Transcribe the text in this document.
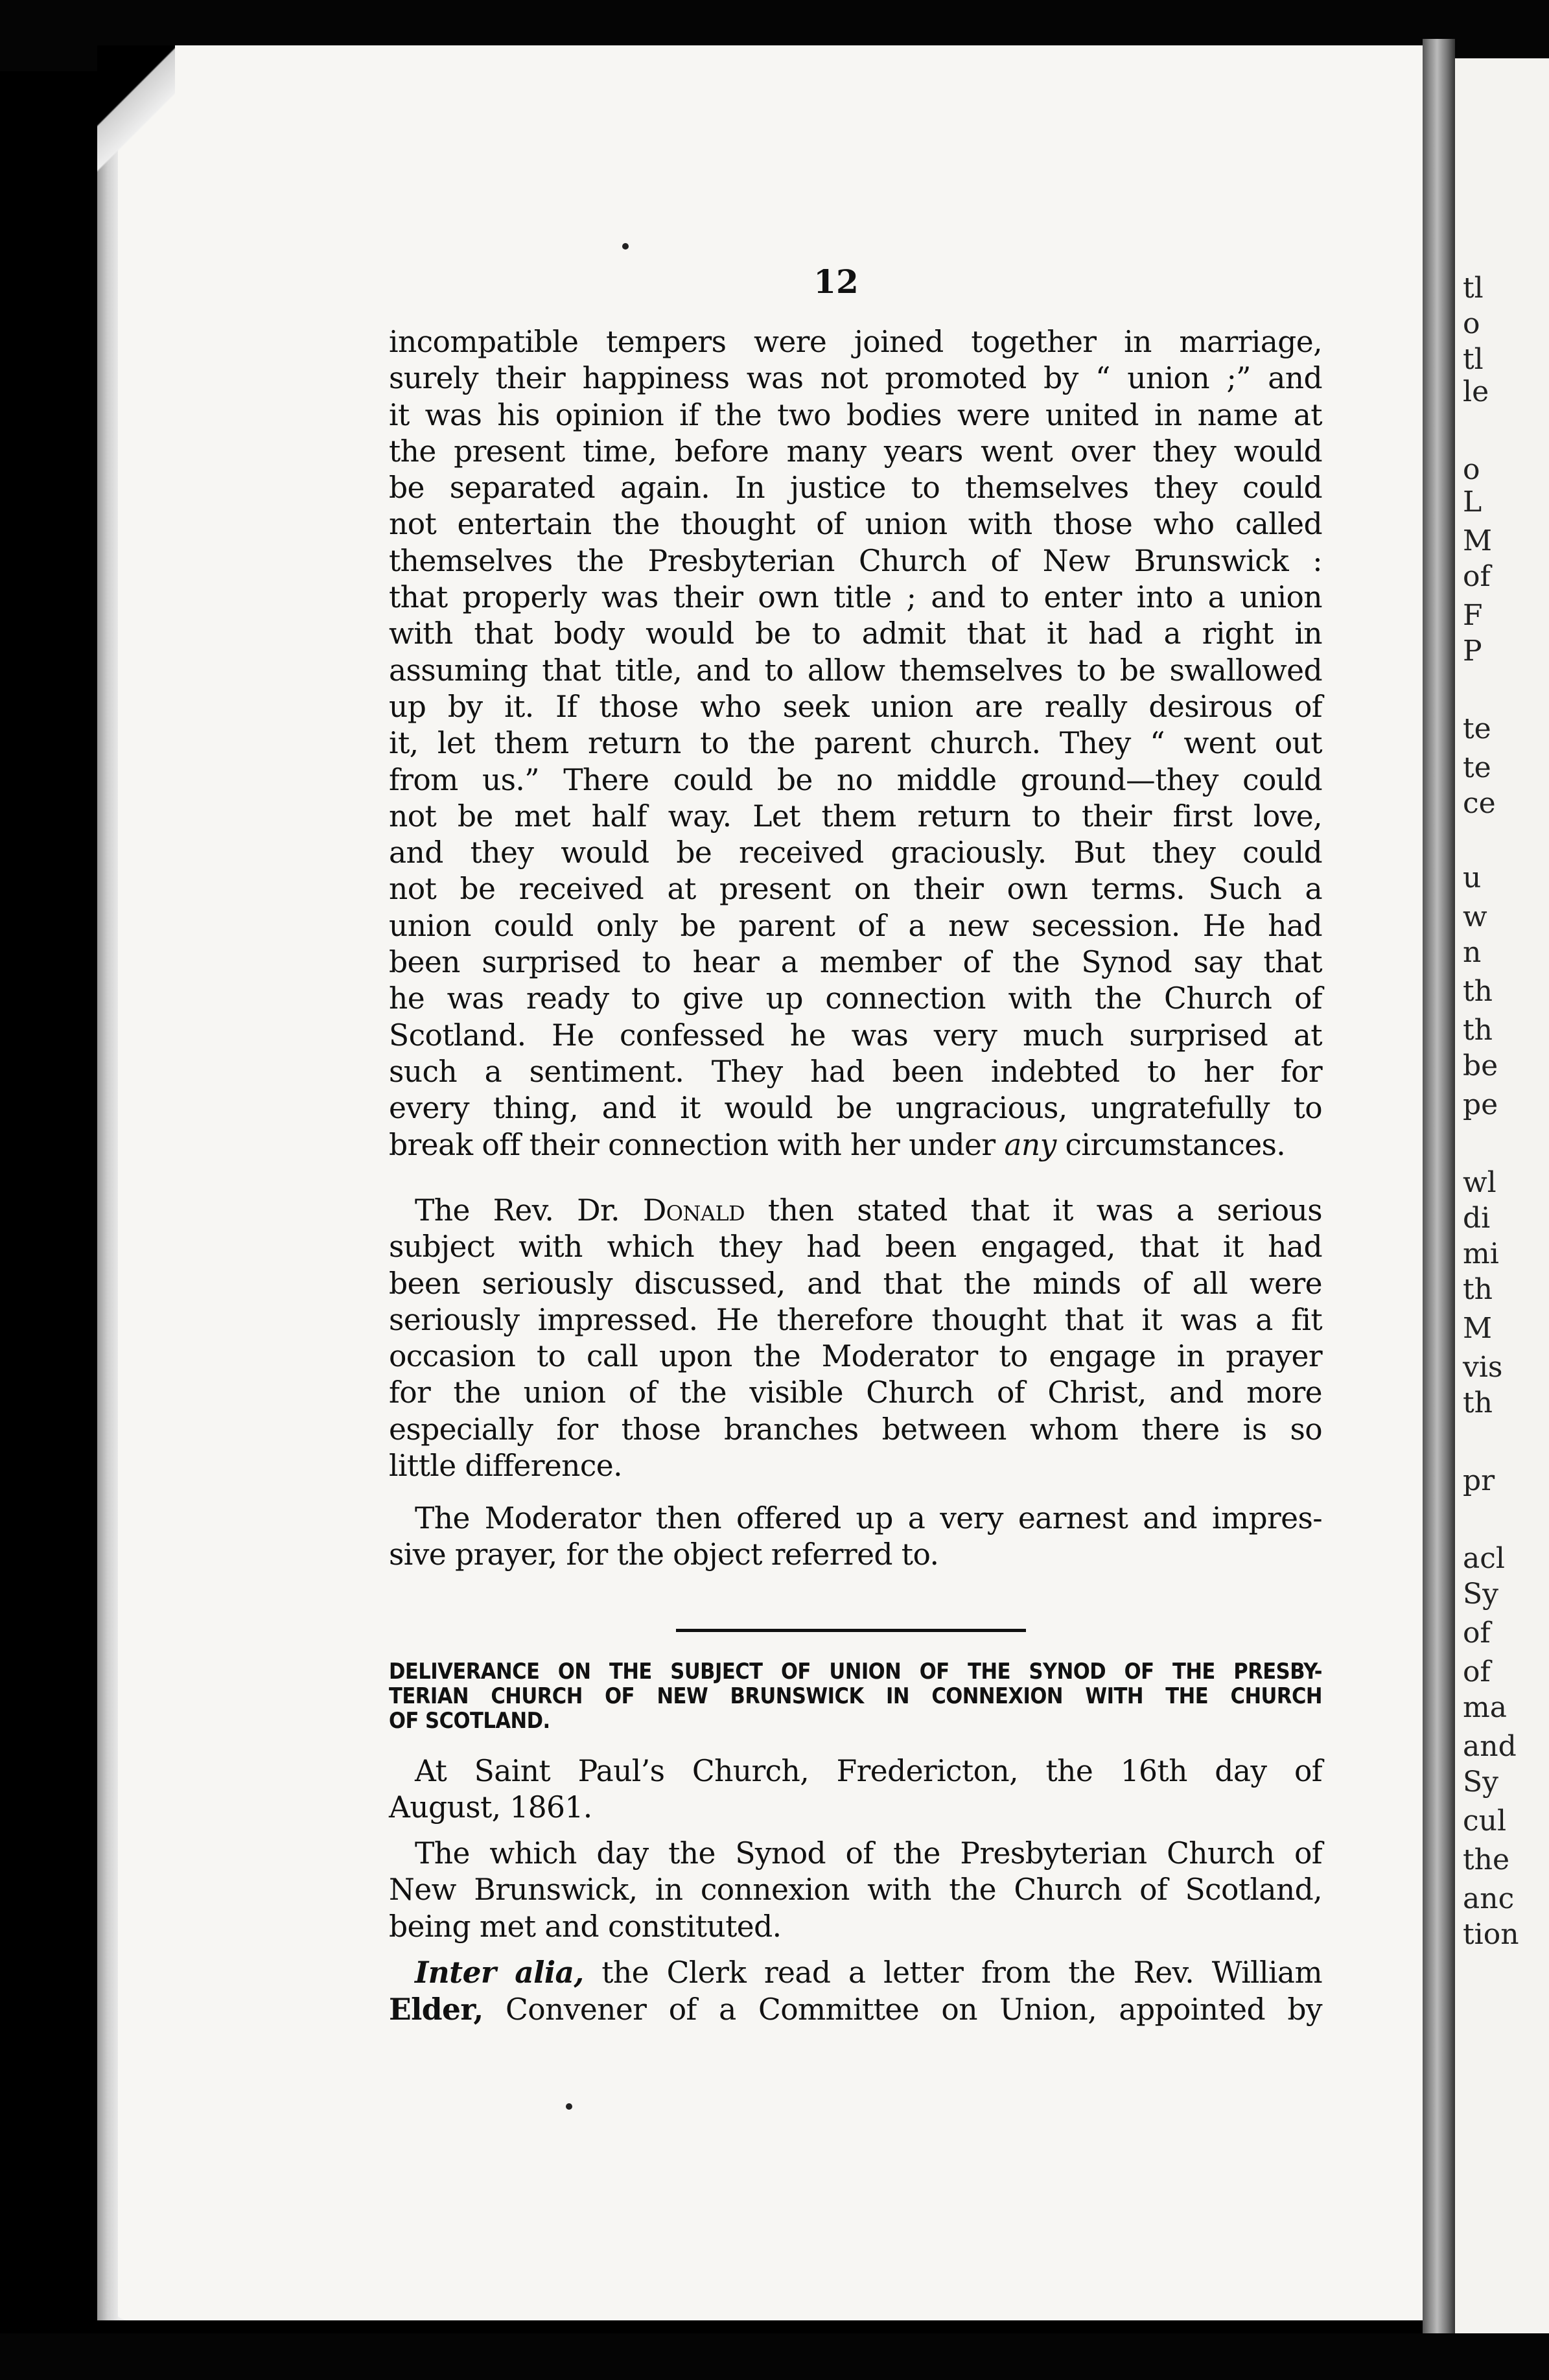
tl
o
tl
le
o
L
M
of
F
P
te
te
ce
u
w
n
th
th
be
pe
wl
di
mi
th
M
vis
th
pr
acl
Sy
of
of
ma
and
Sy
cul
the
anc
tion
12
incompatible tempers were joined together in marriage,
surely their happiness was not promoted by “ union ;” and
it was his opinion if the two bodies were united in name at
the present time, before many years went over they would
be separated again. In justice to themselves they could
not entertain the thought of union with those who called
themselves the Presbyterian Church of New Brunswick :
that properly was their own title ; and to enter into a union
with that body would be to admit that it had a right in
assuming that title, and to allow themselves to be swallowed
up by it. If those who seek union are really desirous of
it, let them return to the parent church. They “ went out
from us.” There could be no middle ground—they could
not be met half way. Let them return to their first love,
and they would be received graciously. But they could
not be received at present on their own terms. Such a
union could only be parent of a new secession. He had
been surprised to hear a member of the Synod say that
he was ready to give up connection with the Church of
Scotland. He confessed he was very much surprised at
such a sentiment. They had been indebted to her for
every thing, and it would be ungracious, ungratefully to
break off their connection with her under any circumstances.
The Rev. Dr. Donald then stated that it was a serious
subject with which they had been engaged, that it had
been seriously discussed, and that the minds of all were
seriously impressed. He therefore thought that it was a fit
occasion to call upon the Moderator to engage in prayer
for the union of the visible Church of Christ, and more
especially for those branches between whom there is so
little difference.
The Moderator then offered up a very earnest and impres-
sive prayer, for the object referred to.
DELIVERANCE ON THE SUBJECT OF UNION OF THE SYNOD OF THE PRESBY-
TERIAN CHURCH OF NEW BRUNSWICK IN CONNEXION WITH THE CHURCH
OF SCOTLAND.
At Saint Paul’s Church, Fredericton, the 16th day of
August, 1861.
The which day the Synod of the Presbyterian Church of
New Brunswick, in connexion with the Church of Scotland,
being met and constituted.
Inter alia, the Clerk read a letter from the Rev. William
Elder, Convener of a Committee on Union, appointed by
